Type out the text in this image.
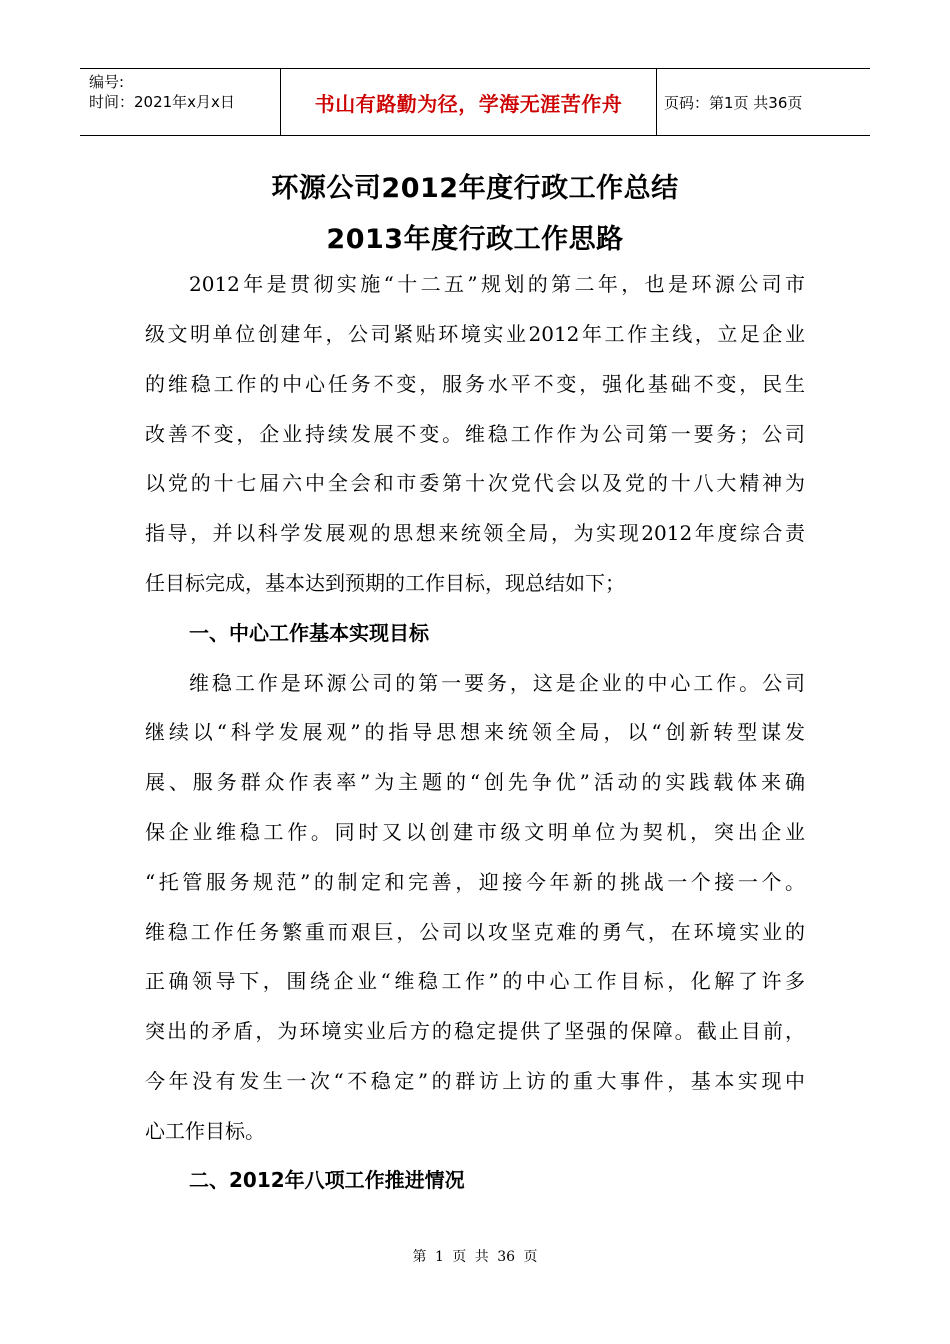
编号:
时间：2021年x月x日	书山有路勤为径，学海无涯苦作舟	页码：第1页 共36页
环源公司2012年度行政工作总结
2013年度行政工作思路
2012年是贯彻实施“十二五”规划的第二年，也是环源公司市
级文明单位创建年，公司紧贴环境实业2012年工作主线，立足企业
的维稳工作的中心任务不变，服务水平不变，强化基础不变，民生
改善不变，企业持续发展不变。维稳工作作为公司第一要务；公司
以党的十七届六中全会和市委第十次党代会以及党的十八大精神为
指导，并以科学发展观的思想来统领全局，为实现2012年度综合责
任目标完成，基本达到预期的工作目标，现总结如下；
一、中心工作基本实现目标
维稳工作是环源公司的第一要务，这是企业的中心工作。公司
继续以“科学发展观”的指导思想来统领全局，以“创新转型谋发
展、服务群众作表率”为主题的“创先争优”活动的实践载体来确
保企业维稳工作。同时又以创建市级文明单位为契机，突出企业
“托管服务规范”的制定和完善，迎接今年新的挑战一个接一个。
维稳工作任务繁重而艰巨，公司以攻坚克难的勇气，在环境实业的
正确领导下，围绕企业“维稳工作”的中心工作目标，化解了许多
突出的矛盾，为环境实业后方的稳定提供了坚强的保障。截止目前，
今年没有发生一次“不稳定”的群访上访的重大事件，基本实现中
心工作目标。
二、2012年八项工作推进情况
第 1 页 共 36 页
